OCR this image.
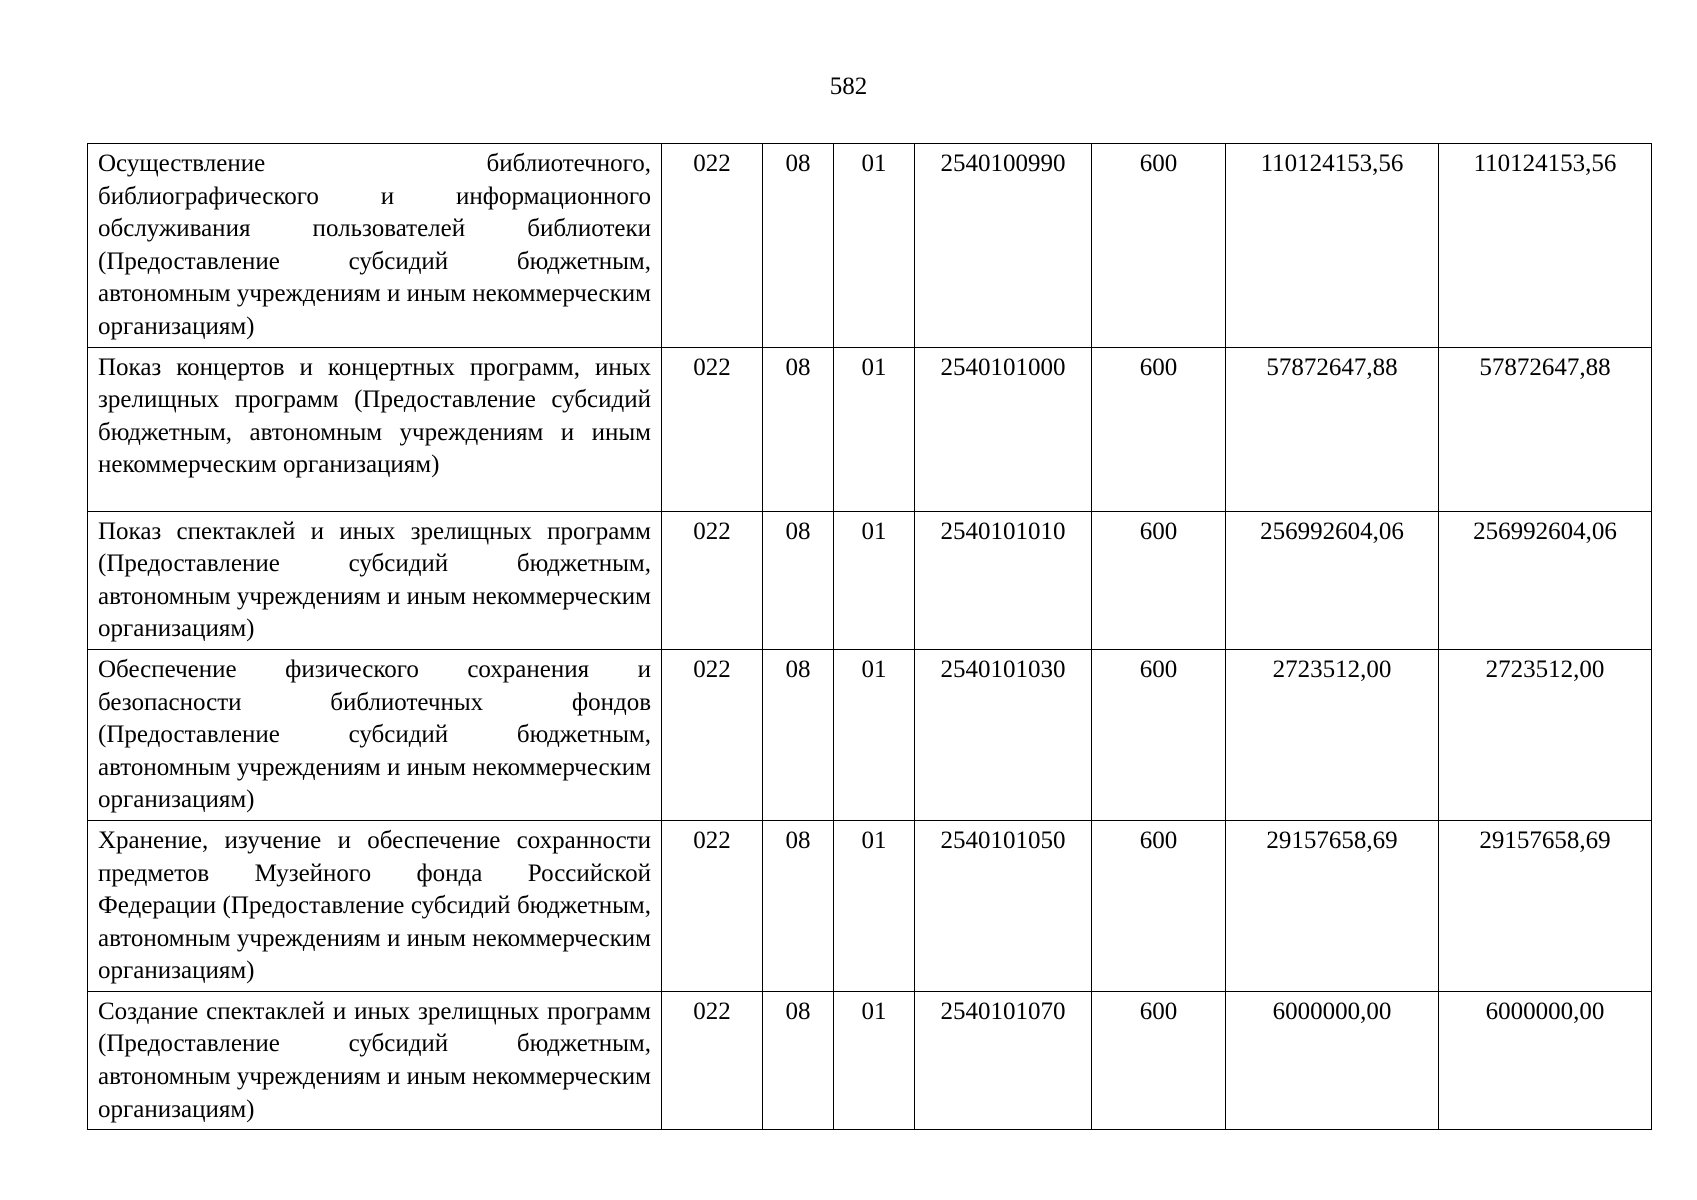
582
Осуществление библиотечного, библиографического и информационного обслуживания пользователей библиотеки (Предоставление субсидий бюджетным, автономным учреждениям и иным некоммерческим организациям)	022	08	01	2540100990	600	110124153,56	110124153,56
Показ концертов и концертных программ, иных зрелищных программ (Предоставление субсидий бюджетным, автономным учреждениям и иным некоммерческим организациям)	022	08	01	2540101000	600	57872647,88	57872647,88
Показ спектаклей и иных зрелищных программ (Предоставление субсидий бюджетным, автономным учреждениям и иным некоммерческим организациям)	022	08	01	2540101010	600	256992604,06	256992604,06
Обеспечение физического сохранения и безопасности библиотечных фондов (Предоставление субсидий бюджетным, автономным учреждениям и иным некоммерческим организациям)	022	08	01	2540101030	600	2723512,00	2723512,00
Хранение, изучение и обеспечение сохранности предметов Музейного фонда Российской Федерации (Предоставление субсидий бюджетным, автономным учреждениям и иным некоммерческим организациям)	022	08	01	2540101050	600	29157658,69	29157658,69
Создание спектаклей и иных зрелищных программ (Предоставление субсидий бюджетным, автономным учреждениям и иным некоммерческим организациям)	022	08	01	2540101070	600	6000000,00	6000000,00
